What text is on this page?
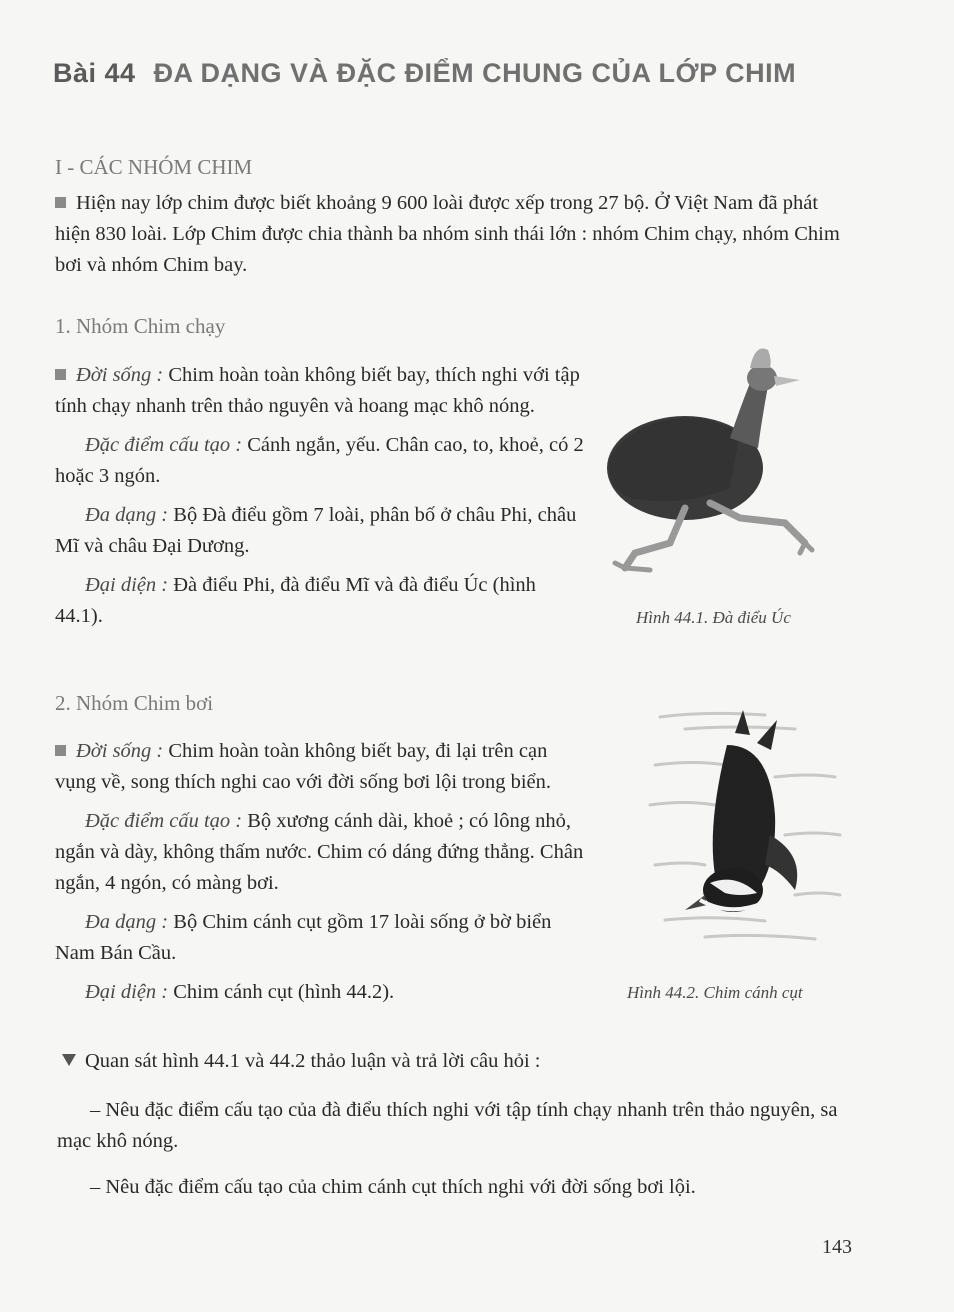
Bài 44 ĐA DẠNG VÀ ĐẶC ĐIỂM CHUNG CỦA LỚP CHIM
I - CÁC NHÓM CHIM
Hiện nay lớp chim được biết khoảng 9 600 loài được xếp trong 27 bộ. Ở Việt Nam đã phát hiện 830 loài. Lớp Chim được chia thành ba nhóm sinh thái lớn : nhóm Chim chạy, nhóm Chim bơi và nhóm Chim bay.
1. Nhóm Chim chạy
Đời sống : Chim hoàn toàn không biết bay, thích nghi với tập tính chạy nhanh trên thảo nguyên và hoang mạc khô nóng.
Đặc điểm cấu tạo : Cánh ngắn, yếu. Chân cao, to, khoẻ, có 2 hoặc 3 ngón.
Đa dạng : Bộ Đà điểu gồm 7 loài, phân bố ở châu Phi, châu Mĩ và châu Đại Dương.
Đại diện : Đà điểu Phi, đà điểu Mĩ và đà điểu Úc (hình 44.1).	Hình 44.1. Đà điểu Úc
2. Nhóm Chim bơi
Đời sống : Chim hoàn toàn không biết bay, đi lại trên cạn vụng về, song thích nghi cao với đời sống bơi lội trong biển.
Đặc điểm cấu tạo : Bộ xương cánh dài, khoẻ ; có lông nhỏ, ngắn và dày, không thấm nước. Chim có dáng đứng thẳng. Chân ngắn, 4 ngón, có màng bơi.
Đa dạng : Bộ Chim cánh cụt gồm 17 loài sống ở bờ biển Nam Bán Cầu.
Đại diện : Chim cánh cụt (hình 44.2).	Hình 44.2. Chim cánh cụt
Quan sát hình 44.1 và 44.2 thảo luận và trả lời câu hỏi :
– Nêu đặc điểm cấu tạo của đà điểu thích nghi với tập tính chạy nhanh trên thảo nguyên, sa mạc khô nóng.
– Nêu đặc điểm cấu tạo của chim cánh cụt thích nghi với đời sống bơi lội.
143
